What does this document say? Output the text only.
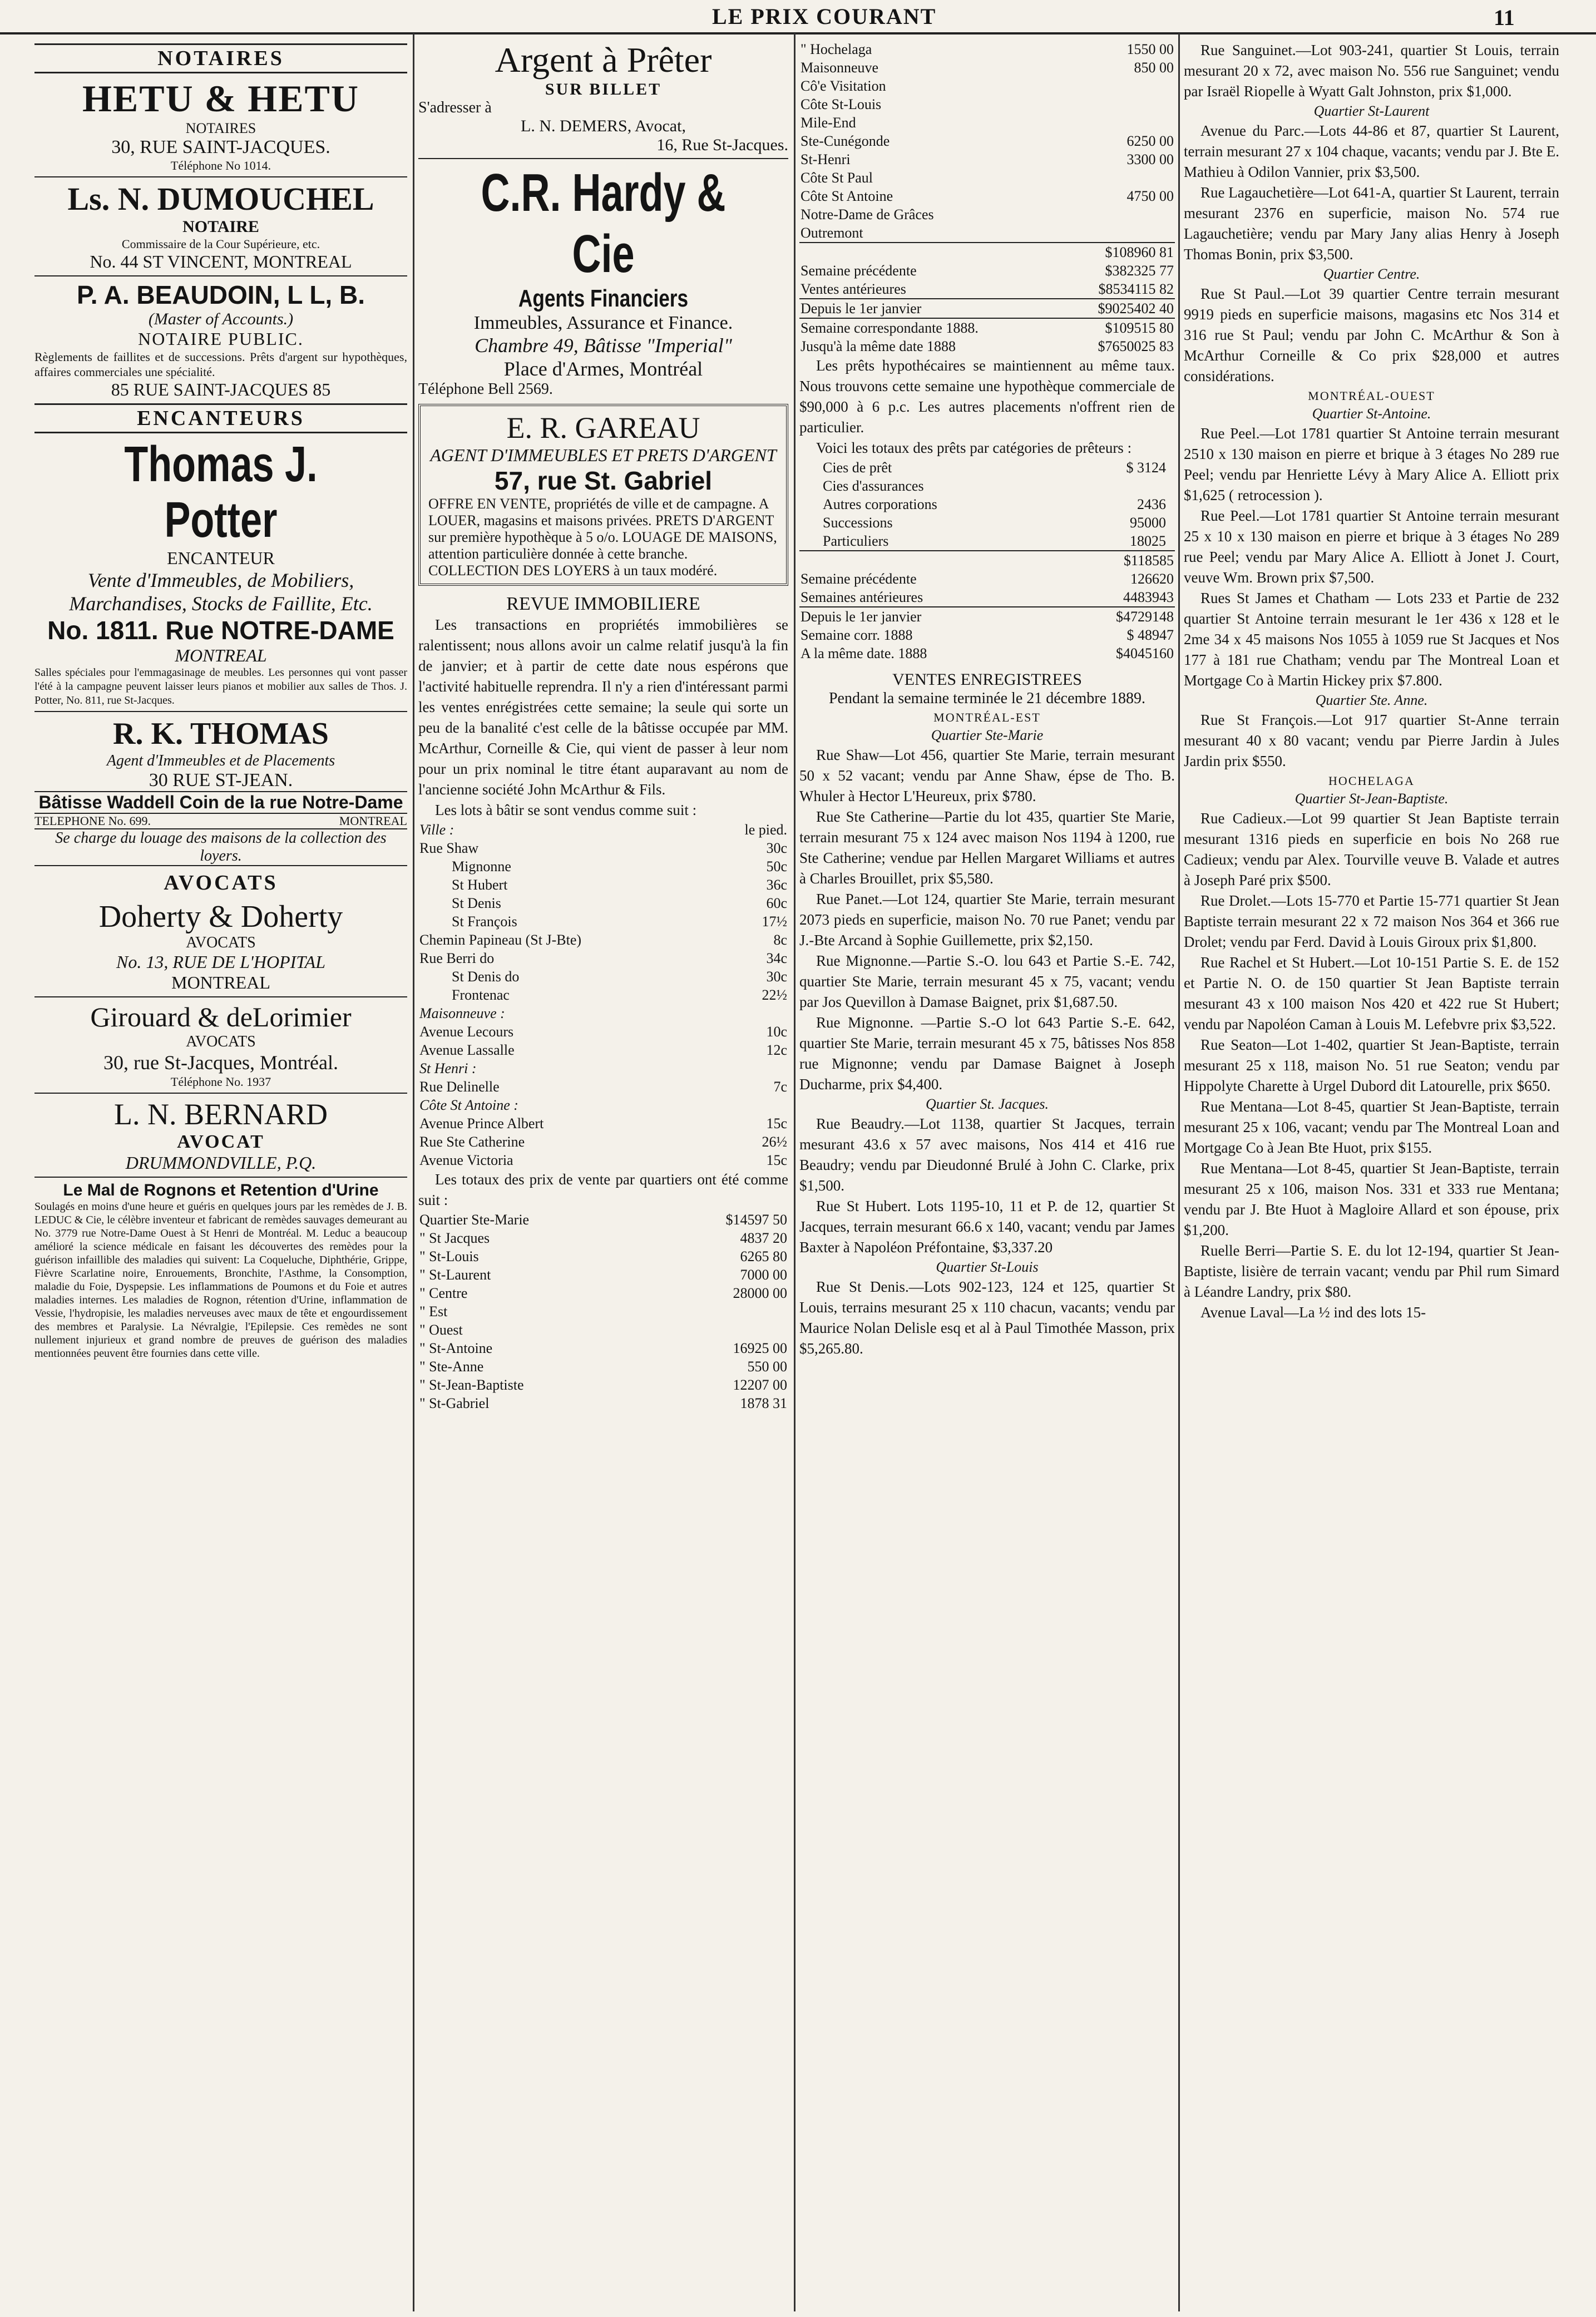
LE PRIX COURANT	11
NOTAIRES
HETU & HETU
NOTAIRES
30, RUE SAINT-JACQUES.
Téléphone No 1014.
Ls. N. DUMOUCHEL
NOTAIRE
Commissaire de la Cour Supérieure, etc.
No. 44 ST VINCENT, MONTREAL
P. A. BEAUDOIN, L L, B.
(Master of Accounts.)
NOTAIRE PUBLIC.
Règlements de faillites et de successions. Prêts d'argent sur hypothèques, affaires commerciales une spécialité.
85 RUE SAINT-JACQUES 85
ENCANTEURS
Thomas J. Potter
ENCANTEUR
Vente d'Immeubles, de Mobiliers, Marchandises, Stocks de Faillite, Etc.
No. 1811. Rue NOTRE-DAME
MONTREAL
Salles spéciales pour l'emmagasinage de meubles. Les personnes qui vont passer l'été à la campagne peuvent laisser leurs pianos et mobilier aux salles de Thos. J. Potter, No. 811, rue St-Jacques.
R. K. THOMAS
Agent d'Immeubles et de Placements
30 RUE ST-JEAN.
Bâtisse Waddell Coin de la rue Notre-Dame
TELEPHONE No. 699.	MONTREAL
Se charge du louage des maisons de la collection des loyers.
AVOCATS
Doherty & Doherty
AVOCATS
No. 13, RUE DE L'HOPITAL
MONTREAL
Girouard & deLorimier
AVOCATS
30, rue St-Jacques, Montréal.
Téléphone No. 1937
L. N. BERNARD
AVOCAT
DRUMMONDVILLE, P.Q.
Le Mal de Rognons et Retention d'Urine
Soulagés en moins d'une heure et guéris en quelques jours par les remèdes de J. B. LEDUC & Cie, le célèbre inventeur et fabricant de remèdes sauvages demeurant au No. 3779 rue Notre-Dame Ouest à St Henri de Montréal. M. Leduc a beaucoup amélioré la science médicale en faisant les découvertes des remèdes pour la guérison infaillible des maladies qui suivent: La Coqueluche, Diphthérie, Grippe, Fièvre Scarlatine noire, Enrouements, Bronchite, l'Asthme, la Consomption, maladie du Foie, Dyspepsie. Les inflammations de Poumons et du Foie et autres maladies internes. Les maladies de Rognon, rétention d'Urine, inflammation de Vessie, l'hydropisie, les maladies nerveuses avec maux de tête et engourdissement des membres et Paralysie. La Névralgie, l'Epilepsie. Ces remèdes ne sont nullement injurieux et grand nombre de preuves de guérison des maladies mentionnées peuvent être fournies dans cette ville.
Argent à Prêter
SUR BILLET
S'adresser à
L. N. DEMERS, Avocat,
16, Rue St-Jacques.
C.R. Hardy & Cie
Agents Financiers
Immeubles, Assurance et Finance.
Chambre 49, Bâtisse "Imperial"
Place d'Armes, Montréal
Téléphone Bell 2569.
E. R. GAREAU
AGENT D'IMMEUBLES ET PRETS D'ARGENT
57, rue St. Gabriel
OFFRE EN VENTE, propriétés de ville et de campagne. A LOUER, magasins et maisons privées. PRETS D'ARGENT sur première hypothèque à 5 o/o. LOUAGE DE MAISONS, attention particulière donnée à cette branche. COLLECTION DES LOYERS à un taux modéré.
REVUE IMMOBILIERE

Les transactions en propriétés immobilières se ralentissent; nous allons avoir un calme relatif jusqu'à la fin de janvier; et à partir de cette date nous espérons que l'activité habituelle reprendra. Il n'y a rien d'intéressant parmi les ventes enrégistrées cette semaine; la seule qui sorte un peu de la banalité c'est celle de la bâtisse occupée par MM. McArthur, Corneille & Cie, qui vient de passer à leur nom pour un prix nominal le titre étant auparavant au nom de l'ancienne société John McArthur & Fils.

Les lots à bâtir se sont vendus comme suit :

Ville :	le pied.
Rue Shaw	30c
Mignonne	50c
St Hubert	36c
St Denis	60c
St François	17½
Chemin Papineau (St J-Bte)	8c
Rue Berri do	34c
St Denis do	30c
Frontenac	22½
Maisonneuve :	
Avenue Lecours	10c
Avenue Lassalle	12c
St Henri :	
Rue Delinelle	7c
Côte St Antoine :	
Avenue Prince Albert	15c
Rue Ste Catherine	26½
Avenue Victoria	15c

Les totaux des prix de vente par quartiers ont été comme suit :

Quartier Ste-Marie	$14597 50
" St Jacques	4837 20
" St-Louis	6265 80
" St-Laurent	7000 00
" Centre	28000 00
" Est	
" Ouest	
" St-Antoine	16925 00
" Ste-Anne	550 00
" St-Jean-Baptiste	12207 00
" St-Gabriel	1878 31
" Hochelaga	1550 00
Maisonneuve	850 00
Cô'e Visitation	
Côte St-Louis	
Mile-End	
Ste-Cunégonde	6250 00
St-Henri	3300 00
Côte St Paul	
Côte St Antoine	4750 00
Notre-Dame de Grâces	
Outremont	
	$108960 81
Semaine précédente	$382325 77
Ventes antérieures	$8534115 82

Depuis le 1er janvier	$9025402 40

Semaine correspondante 1888.	$109515 80
Jusqu'à la même date 1888	$7650025 83

Les prêts hypothécaires se maintiennent au même taux. Nous trouvons cette semaine une hypothèque commerciale de $90,000 à 6 p.c. Les autres placements n'offrent rien de particulier.

Voici les totaux des prêts par catégories de prêteurs :

Cies de prêt	$ 3124
Cies d'assurances	
Autres corporations	2436
Successions	95000
Particuliers	18025
	$118585
Semaine précédente	126620
Semaines antérieures	4483943

Depuis le 1er janvier	$4729148
Semaine corr. 1888	$ 48947
A la même date. 1888	$4045160
VENTES ENREGISTREES
Pendant la semaine terminée le 21 décembre 1889.
MONTRÉAL-EST
Quartier Ste-Marie

Rue Shaw—Lot 456, quartier Ste Marie, terrain mesurant 50 x 52 vacant; vendu par Anne Shaw, épse de Tho. B. Whuler à Hector L'Heureux, prix $780.

Rue Ste Catherine—Partie du lot 435, quartier Ste Marie, terrain mesurant 75 x 124 avec maison Nos 1194 à 1200, rue Ste Catherine; vendue par Hellen Margaret Williams et autres à Charles Brouillet, prix $5,580.

Rue Panet.—Lot 124, quartier Ste Marie, terrain mesurant 2073 pieds en superficie, maison No. 70 rue Panet; vendu par J.-Bte Arcand à Sophie Guillemette, prix $2,150.

Rue Mignonne.—Partie S.-O. lou 643 et Partie S.-E. 742, quartier Ste Marie, terrain mesurant 45 x 75, vacant; vendu par Jos Quevillon à Damase Baignet, prix $1,687.50.

Rue Mignonne. —Partie S.-O lot 643 Partie S.-E. 642, quartier Ste Marie, terrain mesurant 45 x 75, bâtisses Nos 858 rue Mignonne; vendu par Damase Baignet à Joseph Ducharme, prix $4,400.

Quartier St. Jacques.

Rue Beaudry.—Lot 1138, quartier St Jacques, terrain mesurant 43.6 x 57 avec maisons, Nos 414 et 416 rue Beaudry; vendu par Dieudonné Brulé à John C. Clarke, prix $1,500.

Rue St Hubert. Lots 1195-10, 11 et P. de 12, quartier St Jacques, terrain mesurant 66.6 x 140, vacant; vendu par James Baxter à Napoléon Préfontaine, $3,337.20

Quartier St-Louis

Rue St Denis.—Lots 902-123, 124 et 125, quartier St Louis, terrains mesurant 25 x 110 chacun, vacants; vendu par Maurice Nolan Delisle esq et al à Paul Timothée Masson, prix $5,265.80.

Rue Sanguinet.—Lot 903-241, quartier St Louis, terrain mesurant 20 x 72, avec maison No. 556 rue Sanguinet; vendu par Israël Riopelle à Wyatt Galt Johnston, prix $1,000.

Quartier St-Laurent

Avenue du Parc.—Lots 44-86 et 87, quartier St Laurent, terrain mesurant 27 x 104 chaque, vacants; vendu par J. Bte E. Mathieu à Odilon Vannier, prix $3,500.

Rue Lagauchetière—Lot 641-A, quartier St Laurent, terrain mesurant 2376 en superficie, maison No. 574 rue Lagauchetière; vendu par Mary Jany alias Henry à Joseph Thomas Bonin, prix $3,500.

Quartier Centre.

Rue St Paul.—Lot 39 quartier Centre terrain mesurant 9919 pieds en superficie maisons, magasins etc Nos 314 et 316 rue St Paul; vendu par John C. McArthur & Son à McArthur Corneille & Co prix $28,000 et autres considérations.

MONTRÉAL-OUEST
Quartier St-Antoine.

Rue Peel.—Lot 1781 quartier St Antoine terrain mesurant 2510 x 130 maison en pierre et brique à 3 étages No 289 rue Peel; vendu par Henriette Lévy à Mary Alice A. Elliott prix $1,625 ( retrocession ).

Rue Peel.—Lot 1781 quartier St Antoine terrain mesurant 25 x 10 x 130 maison en pierre et brique à 3 étages No 289 rue Peel; vendu par Mary Alice A. Elliott à Jonet J. Court, veuve Wm. Brown prix $7,500.

Rues St James et Chatham — Lots 233 et Partie de 232 quartier St Antoine terrain mesurant le 1er 436 x 128 et le 2me 34 x 45 maisons Nos 1055 à 1059 rue St Jacques et Nos 177 à 181 rue Chatham; vendu par The Montreal Loan et Mortgage Co à Martin Hickey prix $7.800.

Quartier Ste. Anne.

Rue St François.—Lot 917 quartier St-Anne terrain mesurant 40 x 80 vacant; vendu par Pierre Jardin à Jules Jardin prix $550.

HOCHELAGA
Quartier St-Jean-Baptiste.

Rue Cadieux.—Lot 99 quartier St Jean Baptiste terrain mesurant 1316 pieds en superficie en bois No 268 rue Cadieux; vendu par Alex. Tourville veuve B. Valade et autres à Joseph Paré prix $500.

Rue Drolet.—Lots 15-770 et Partie 15-771 quartier St Jean Baptiste terrain mesurant 22 x 72 maison Nos 364 et 366 rue Drolet; vendu par Ferd. David à Louis Giroux prix $1,800.

Rue Rachel et St Hubert.—Lot 10-151 Partie S. E. de 152 et Partie N. O. de 150 quartier St Jean Baptiste terrain mesurant 43 x 100 maison Nos 420 et 422 rue St Hubert; vendu par Napoléon Caman à Louis M. Lefebvre prix $3,522.

Rue Seaton—Lot 1-402, quartier St Jean-Baptiste, terrain mesurant 25 x 118, maison No. 51 rue Seaton; vendu par Hippolyte Charette à Urgel Dubord dit Latourelle, prix $650.

Rue Mentana—Lot 8-45, quartier St Jean-Baptiste, terrain mesurant 25 x 106, vacant; vendu par The Montreal Loan and Mortgage Co à Jean Bte Huot, prix $155.

Rue Mentana—Lot 8-45, quartier St Jean-Baptiste, terrain mesurant 25 x 106, maison Nos. 331 et 333 rue Mentana; vendu par J. Bte Huot à Magloire Allard et son épouse, prix $1,200.

Ruelle Berri—Partie S. E. du lot 12-194, quartier St Jean-Baptiste, lisière de terrain vacant; vendu par Phil rum Simard à Léandre Landry, prix $80.

Avenue Laval—La ½ ind des lots 15-
